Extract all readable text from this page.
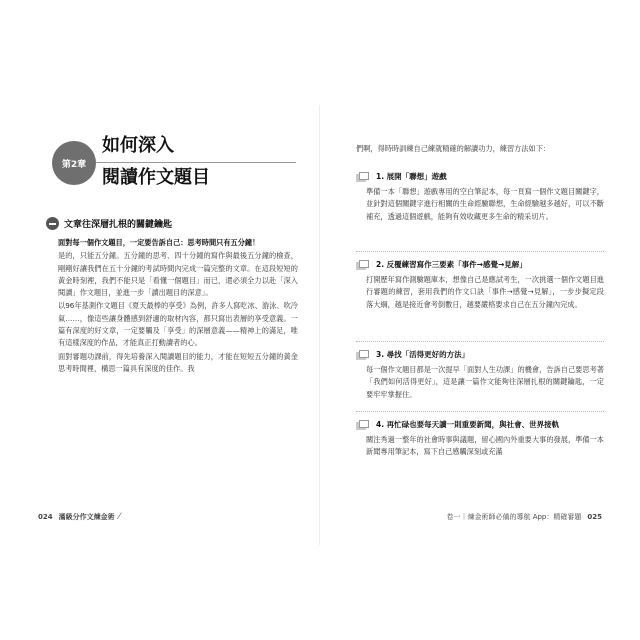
第2章
如何深入
閱讀作文題目
文章往深層扎根的關鍵鑰匙

面對每一個作文題目，一定要告訴自己：思考時間只有五分鐘！

是的，只能五分鐘。五分鐘的思考、四十分鐘的寫作與最後五分鐘的檢查，剛剛好讓我們在五十分鐘的考試時間內完成一篇完整的文章。在這段短短的黃金時刻裡，我們不能只是「看懂一個題目」而已，還必須全力以赴「深入閱讀」作文題目，並進一步「讀出題目的深意」。

以96年基測作文題目《夏天最棒的享受》為例，許多人寫吃冰、游泳、吹冷氣……，像這些讓身體感到舒適的取材內容，都只寫出表層的享受意義。一篇有深度的好文章，一定要觸及「享受」的深層意義——精神上的滿足，唯有這樣深度的作品，才能真正打動讀者的心。

面對審題功課前，得先培養深入閱讀題目的能力，才能在短短五分鐘的黃金思考時間裡，構思一篇具有深度的佳作。我

024 滿級分作文煉金術 ⁄
們啊，得時時訓練自己練就精確的解讀功力，練習方法如下：
1. 展開「聯想」遊戲
準備一本「聯想」遊戲專用的空白筆記本，每一頁寫一個作文題目關鍵字，並針對這個關鍵字進行相關的生命經驗聯想，生命經驗越多越好，可以不斷補充，透過這個遊戲，能夠有效收藏更多生命的精采切片。
2. 反覆練習寫作三要素「事件→感覺→見解」
打開歷年寫作測驗題庫本，想像自己是應試考生，一次挑選一個作文題目進行審題的練習，套用我們的作文口訣「事件→感覺→見解」，一步步擬定段落大綱，越是接近會考倒數日，越要嚴格要求自己在五分鐘內完成。
3. 尋找「活得更好的方法」
每一個作文題目都是一次提早「面對人生功課」的機會，告訴自己要思考著「我們如何活得更好」，這是讓一篇作文能夠往深層扎根的關鍵鑰匙，一定要牢牢掌握住。
4. 再忙碌也要每天讀一則重要新聞，與社會、世界接軌
關注秀過一整年的社會時事與議題，留心國內外重要大事的發展，準備一本新聞專用筆記本，寫下自己感觸深刻或充滿
卷一｜煉金術師必備的導航 App：精確審題 025
